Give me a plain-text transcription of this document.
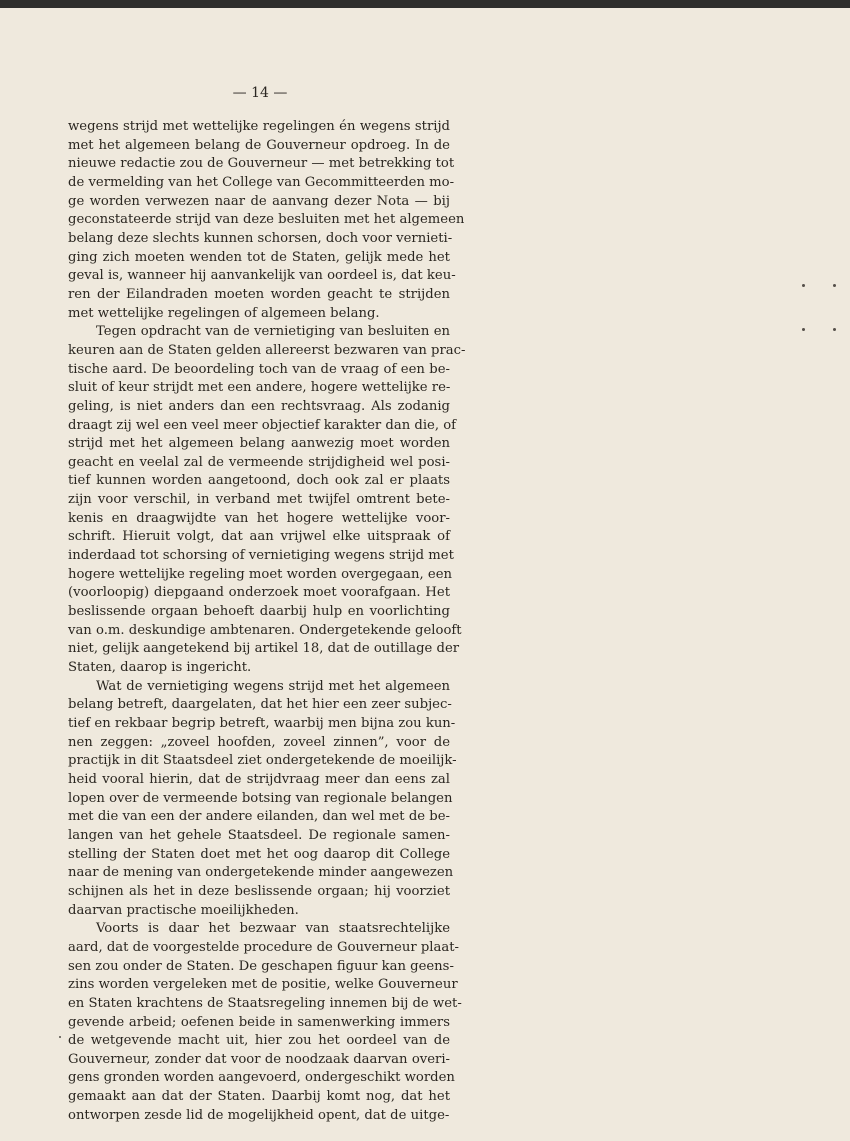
— 14 —

wegens strijd met wettelijke regelingen én wegens strijd
met het algemeen belang de Gouverneur opdroeg. In de
nieuwe redactie zou de Gouverneur — met betrekking tot
de vermelding van het College van Gecommitteerden mo-
ge worden verwezen naar de aanvang dezer Nota — bij
geconstateerde strijd van deze besluiten met het algemeen
belang deze slechts kunnen schorsen, doch voor vernieti-
ging zich moeten wenden tot de Staten, gelijk mede het
geval is, wanneer hij aanvankelijk van oordeel is, dat keu-
ren der Eilandraden moeten worden geacht te strijden
met wettelijke regelingen of algemeen belang.

Tegen opdracht van de vernietiging van besluiten en
keuren aan de Staten gelden allereerst bezwaren van prac-
tische aard. De beoordeling toch van de vraag of een be-
sluit of keur strijdt met een andere, hogere wettelijke re-
geling, is niet anders dan een rechtsvraag. Als zodanig
draagt zij wel een veel meer objectief karakter dan die, of
strijd met het algemeen belang aanwezig moet worden
geacht en veelal zal de vermeende strijdigheid wel posi-
tief kunnen worden aangetoond, doch ook zal er plaats
zijn voor verschil, in verband met twijfel omtrent bete-
kenis en draagwijdte van het hogere wettelijke voor-
schrift. Hieruit volgt, dat aan vrijwel elke uitspraak of
inderdaad tot schorsing of vernietiging wegens strijd met
hogere wettelijke regeling moet worden overgegaan, een
(voorloopig) diepgaand onderzoek moet voorafgaan. Het
beslissende orgaan behoeft daarbij hulp en voorlichting
van o.m. deskundige ambtenaren. Ondergetekende gelooft
niet, gelijk aangetekend bij artikel 18, dat de outillage der
Staten, daarop is ingericht.

Wat de vernietiging wegens strijd met het algemeen
belang betreft, daargelaten, dat het hier een zeer subjec-
tief en rekbaar begrip betreft, waarbij men bijna zou kun-
nen zeggen: „zoveel hoofden, zoveel zinnen”, voor de
practijk in dit Staatsdeel ziet ondergetekende de moeilijk-
heid vooral hierin, dat de strijdvraag meer dan eens zal
lopen over de vermeende botsing van regionale belangen
met die van een der andere eilanden, dan wel met de be-
langen van het gehele Staatsdeel. De regionale samen-
stelling der Staten doet met het oog daarop dit College
naar de mening van ondergetekende minder aangewezen
schijnen als het in deze beslissende orgaan; hij voorziet
daarvan practische moeilijkheden.

Voorts is daar het bezwaar van staatsrechtelijke
aard, dat de voorgestelde procedure de Gouverneur plaat-
sen zou onder de Staten. De geschapen figuur kan geens-
zins worden vergeleken met de positie, welke Gouverneur
en Staten krachtens de Staatsregeling innemen bij de wet-
gevende arbeid; oefenen beide in samenwerking immers
de wetgevende macht uit, hier zou het oordeel van de
Gouverneur, zonder dat voor de noodzaak daarvan overi-
gens gronden worden aangevoerd, ondergeschikt worden
gemaakt aan dat der Staten. Daarbij komt nog, dat het
ontworpen zesde lid de mogelijkheid opent, dat de uitge-
